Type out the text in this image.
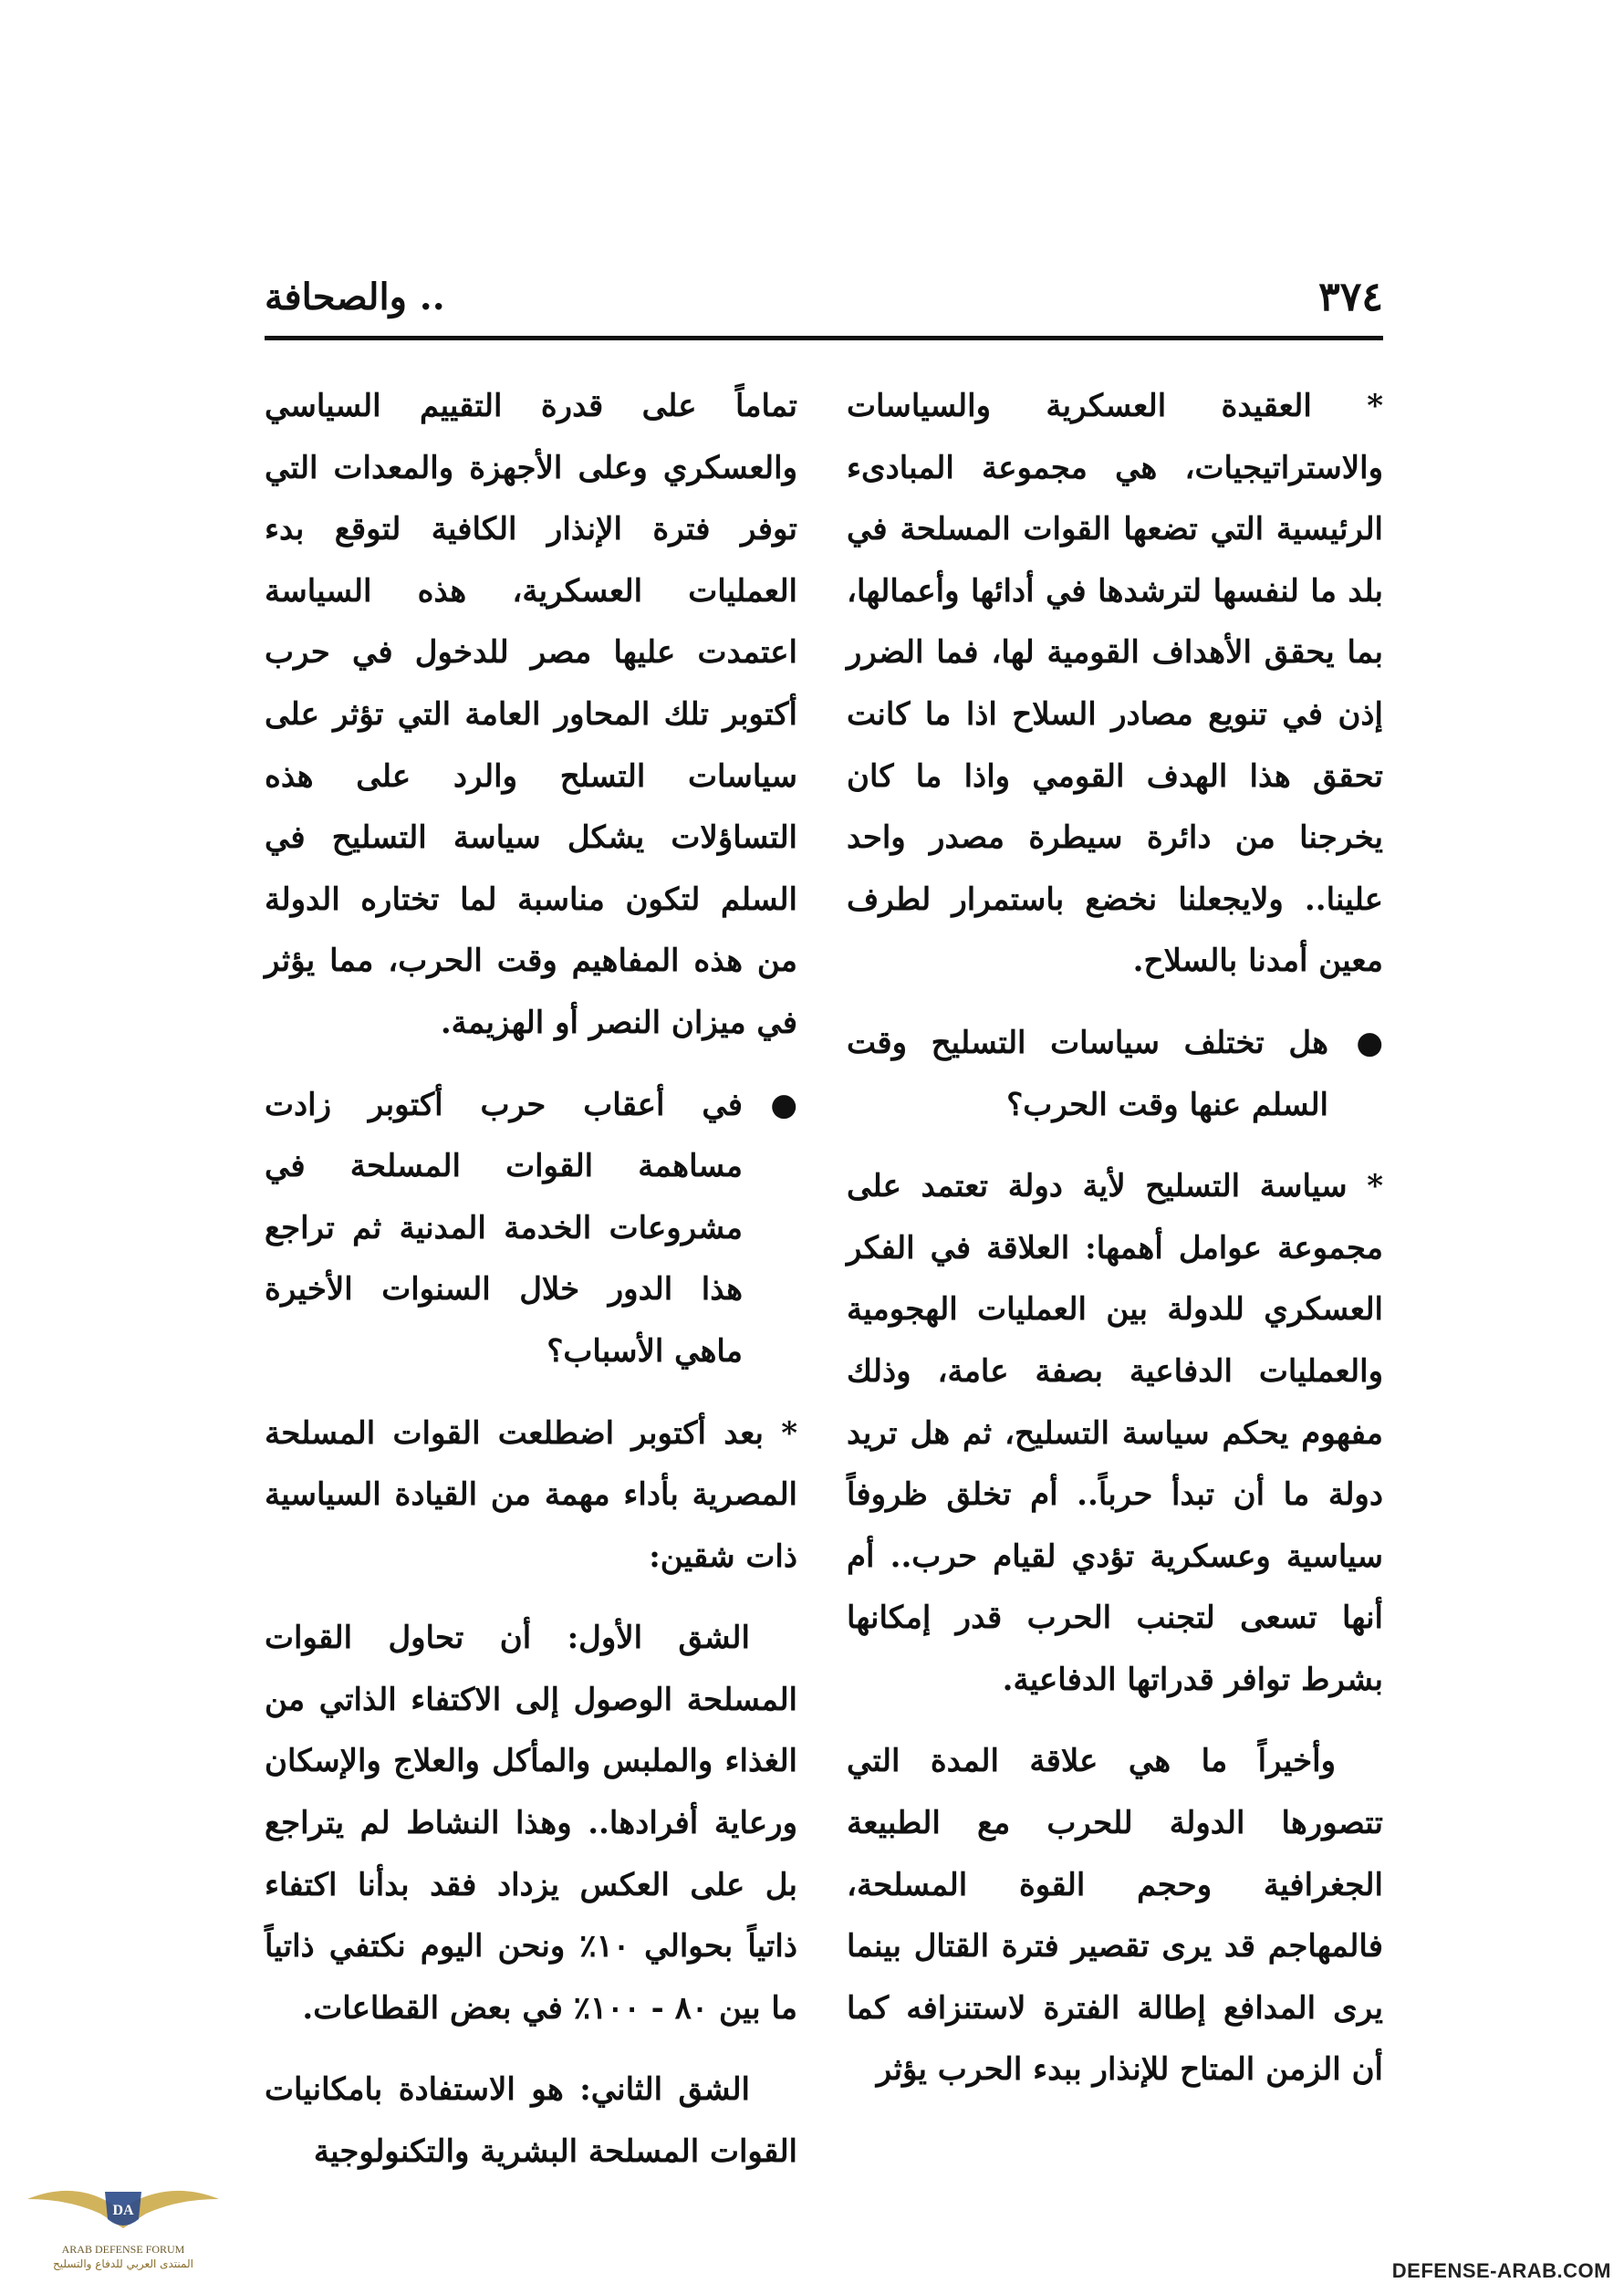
٣٧٤
.. والصحافة

* العقيدة العسكرية والسياسات والاستراتيجيات، هي مجموعة المبادىء الرئيسية التي تضعها القوات المسلحة في بلد ما لنفسها لترشدها في أدائها وأعمالها، بما يحقق الأهداف القومية لها، فما الضرر إذن في تنويع مصادر السلاح اذا ما كانت تحقق هذا الهدف القومي واذا ما كان يخرجنا من دائرة سيطرة مصدر واحد علينا.. ولايجعلنا نخضع باستمرار لطرف معين أمدنا بالسلاح.

●هل تختلف سياسات التسليح وقت السلم عنها وقت الحرب؟

* سياسة التسليح لأية دولة تعتمد على مجموعة عوامل أهمها: العلاقة في الفكر العسكري للدولة بين العمليات الهجومية والعمليات الدفاعية بصفة عامة، وذلك مفهوم يحكم سياسة التسليح، ثم هل تريد دولة ما أن تبدأ حرباً.. أم تخلق ظروفاً سياسية وعسكرية تؤدي لقيام حرب.. أم أنها تسعى لتجنب الحرب قدر إمكانها بشرط توافر قدراتها الدفاعية.

وأخيراً ما هي علاقة المدة التي تتصورها الدولة للحرب مع الطبيعة الجغرافية وحجم القوة المسلحة، فالمهاجم قد يرى تقصير فترة القتال بينما يرى المدافع إطالة الفترة لاستنزافه كما أن الزمن المتاح للإنذار ببدء الحرب يؤثر

تماماً على قدرة التقييم السياسي والعسكري وعلى الأجهزة والمعدات التي توفر فترة الإنذار الكافية لتوقع بدء العمليات العسكرية، هذه السياسة اعتمدت عليها مصر للدخول في حرب أكتوبر تلك المحاور العامة التي تؤثر على سياسات التسلح والرد على هذه التساؤلات يشكل سياسة التسليح في السلم لتكون مناسبة لما تختاره الدولة من هذه المفاهيم وقت الحرب، مما يؤثر في ميزان النصر أو الهزيمة.

●في أعقاب حرب أكتوبر زادت مساهمة القوات المسلحة في مشروعات الخدمة المدنية ثم تراجع هذا الدور خلال السنوات الأخيرة ماهي الأسباب؟

* بعد أكتوبر اضطلعت القوات المسلحة المصرية بأداء مهمة من القيادة السياسية ذات شقين:

الشق الأول: أن تحاول القوات المسلحة الوصول إلى الاكتفاء الذاتي من الغذاء والملبس والمأكل والعلاج والإسكان ورعاية أفرادها.. وهذا النشاط لم يتراجع بل على العكس يزداد فقد بدأنا اكتفاء ذاتياً بحوالي ١٠٪ ونحن اليوم نكتفي ذاتياً ما بين ٨٠ - ١٠٠٪ في بعض القطاعات.

الشق الثاني: هو الاستفادة بامكانيات القوات المسلحة البشرية والتكنولوجية

DA
ARAB DEFENSE FORUM
المنتدى العربي للدفاع والتسليح	DEFENSE-ARAB.COM
